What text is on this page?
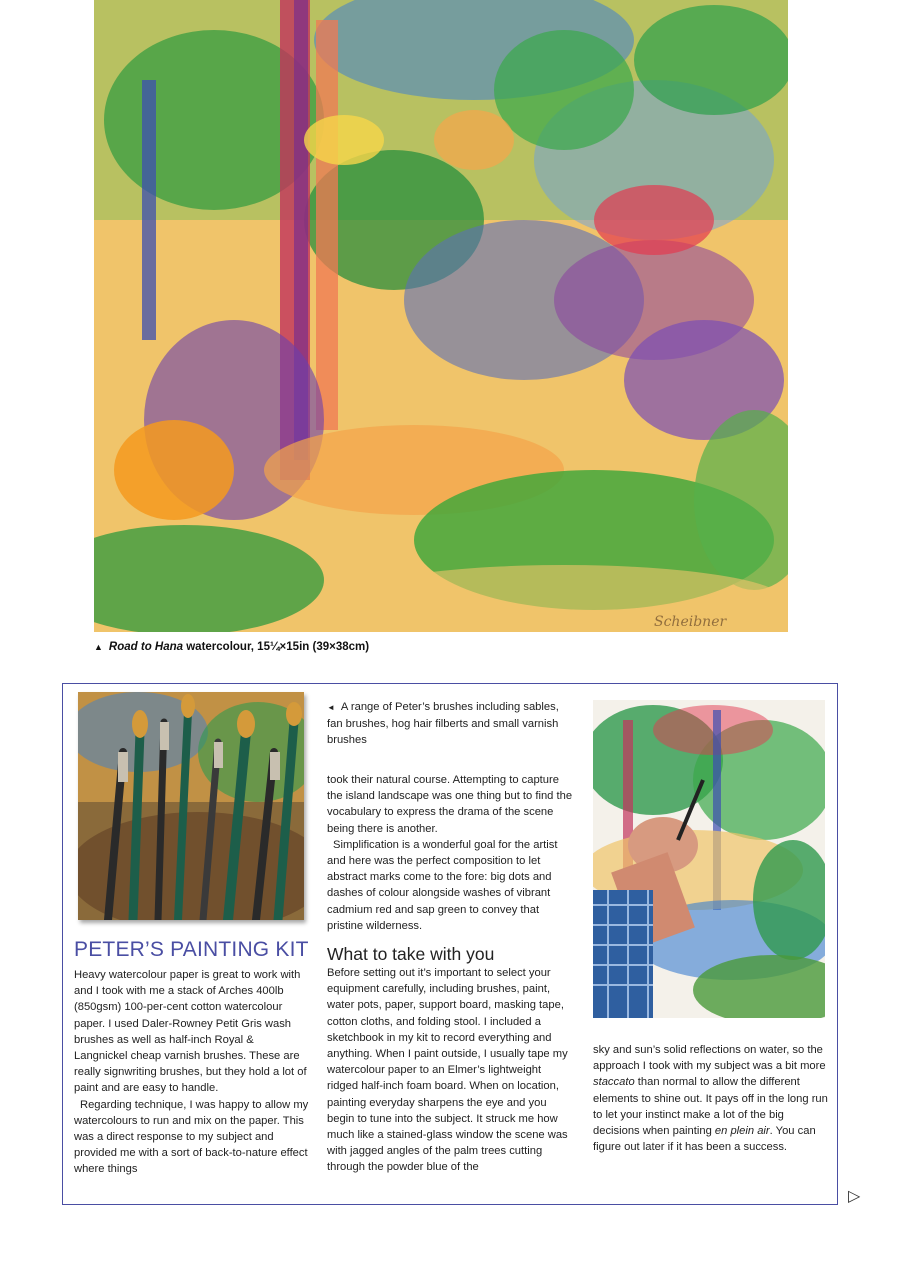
Scheibner
▲ Road to Hana watercolour, 15¼×15in (39×38cm)
PETER’S PAINTING KIT

Heavy watercolour paper is great to work with and I took with me a stack of Arches 400lb (850gsm) 100-per-cent cotton watercolour paper. I used Daler-Rowney Petit Gris wash brushes as well as half-inch Royal & Langnickel cheap varnish brushes. These are really signwriting brushes, but they hold a lot of paint and are easy to handle.

Regarding technique, I was happy to allow my watercolours to run and mix on the paper. This was a direct response to my subject and provided me with a sort of back-to-nature effect where things

◄ A range of Peter’s brushes including sables, fan brushes, hog hair filberts and small varnish brushes

took their natural course. Attempting to capture the island landscape was one thing but to find the vocabulary to express the drama of the scene being there is another.

Simplification is a wonderful goal for the artist and here was the perfect composition to let abstract marks come to the fore: big dots and dashes of colour alongside washes of vibrant cadmium red and sap green to convey that pristine wilderness.

What to take with you

Before setting out it’s important to select your equipment carefully, including brushes, paint, water pots, paper, support board, masking tape, cotton cloths, and folding stool. I included a sketchbook in my kit to record everything and anything. When I paint outside, I usually tape my watercolour paper to an Elmer’s lightweight ridged half-inch foam board. When on location, painting everyday sharpens the eye and you begin to tune into the subject. It struck me how much like a stained-glass window the scene was with jagged angles of the palm trees cutting through the powder blue of the

sky and sun’s solid reflections on water, so the approach I took with my subject was a bit more staccato than normal to allow the different elements to shine out. It pays off in the long run to let your instinct make a lot of the big decisions when painting en plein air. You can figure out later if it has been a success.

▷
